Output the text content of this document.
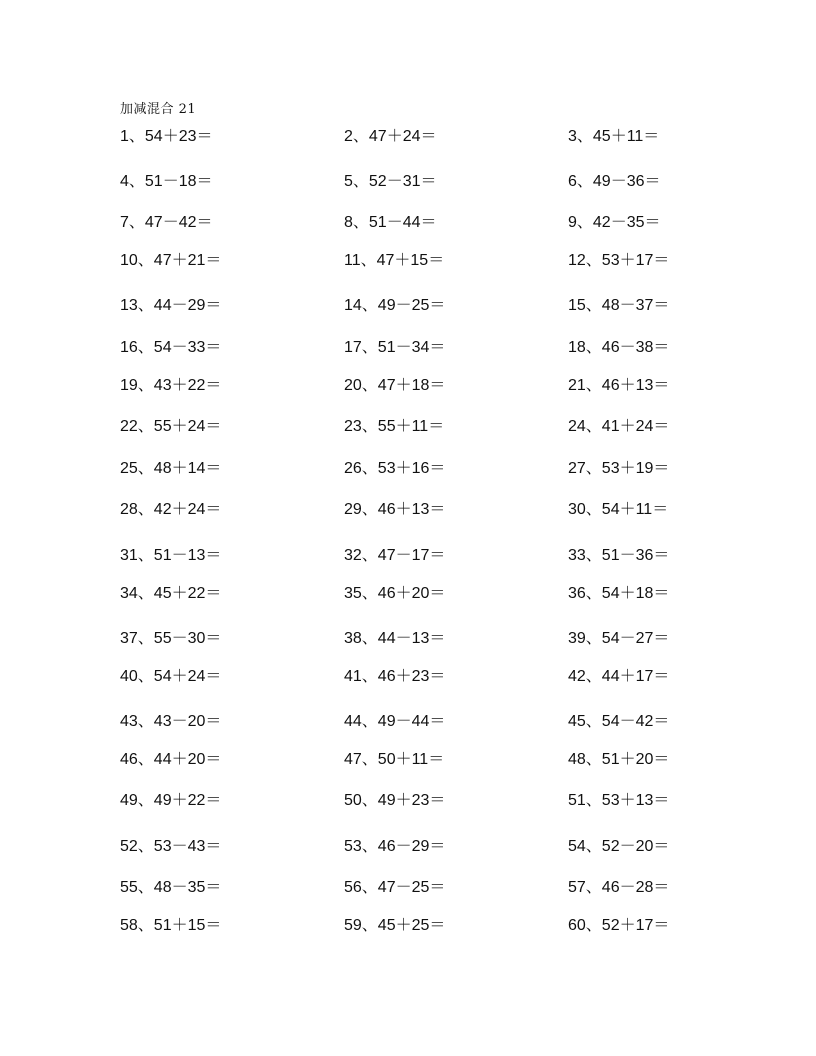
加减混合 21
1、54＋23＝	2、47＋24＝	3、45＋11＝
4、51－18＝	5、52－31＝	6、49－36＝
7、47－42＝	8、51－44＝	9、42－35＝
10、47＋21＝	11、47＋15＝	12、53＋17＝
13、44－29＝	14、49－25＝	15、48－37＝
16、54－33＝	17、51－34＝	18、46－38＝
19、43＋22＝	20、47＋18＝	21、46＋13＝
22、55＋24＝	23、55＋11＝	24、41＋24＝
25、48＋14＝	26、53＋16＝	27、53＋19＝
28、42＋24＝	29、46＋13＝	30、54＋11＝
31、51－13＝	32、47－17＝	33、51－36＝
34、45＋22＝	35、46＋20＝	36、54＋18＝
37、55－30＝	38、44－13＝	39、54－27＝
40、54＋24＝	41、46＋23＝	42、44＋17＝
43、43－20＝	44、49－44＝	45、54－42＝
46、44＋20＝	47、50＋11＝	48、51＋20＝
49、49＋22＝	50、49＋23＝	51、53＋13＝
52、53－43＝	53、46－29＝	54、52－20＝
55、48－35＝	56、47－25＝	57、46－28＝
58、51＋15＝	59、45＋25＝	60、52＋17＝
